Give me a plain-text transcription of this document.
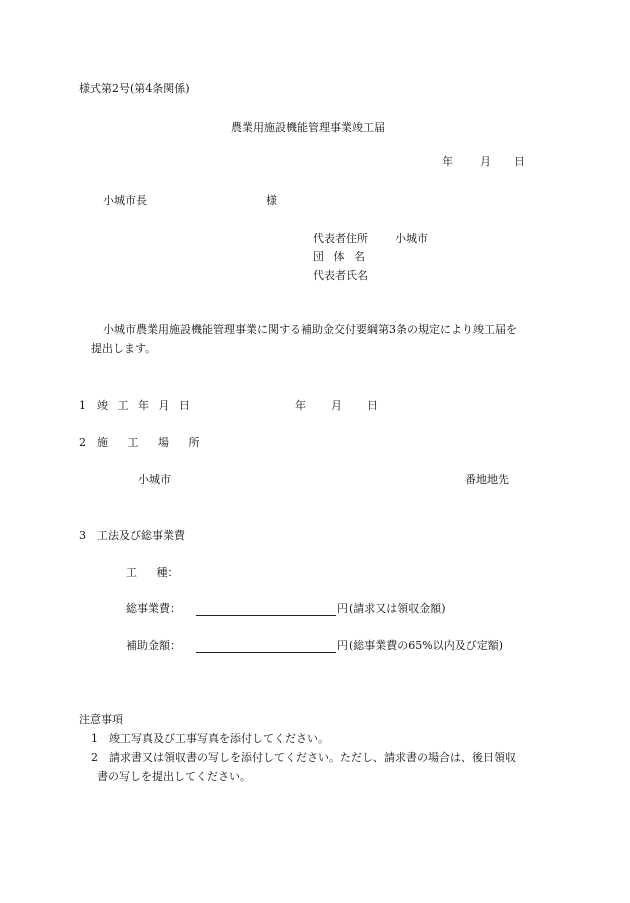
様式第2号(第4条関係)
農業用施設機能管理事業竣工届
年 月 日
小城市長	様
代表者住所 小城市
団 体 名
代表者氏名
小城市農業用施設機能管理事業に関する補助金交付要綱第3条の規定により竣工届を
提出します。
1 竣 工 年 月 日	年 月 日
2 施 工 場 所
小城市	番地地先
3 工法及び総事業費
工 種：
総事業費：	円 (請求又は領収金額)
補助金額：	円 (総事業費の65%以内及び定額)
注意事項
1 竣工写真及び工事写真を添付してください。
2 請求書又は領収書の写しを添付してください。ただし、請求書の場合は、後日領収
書の写しを提出してください。
